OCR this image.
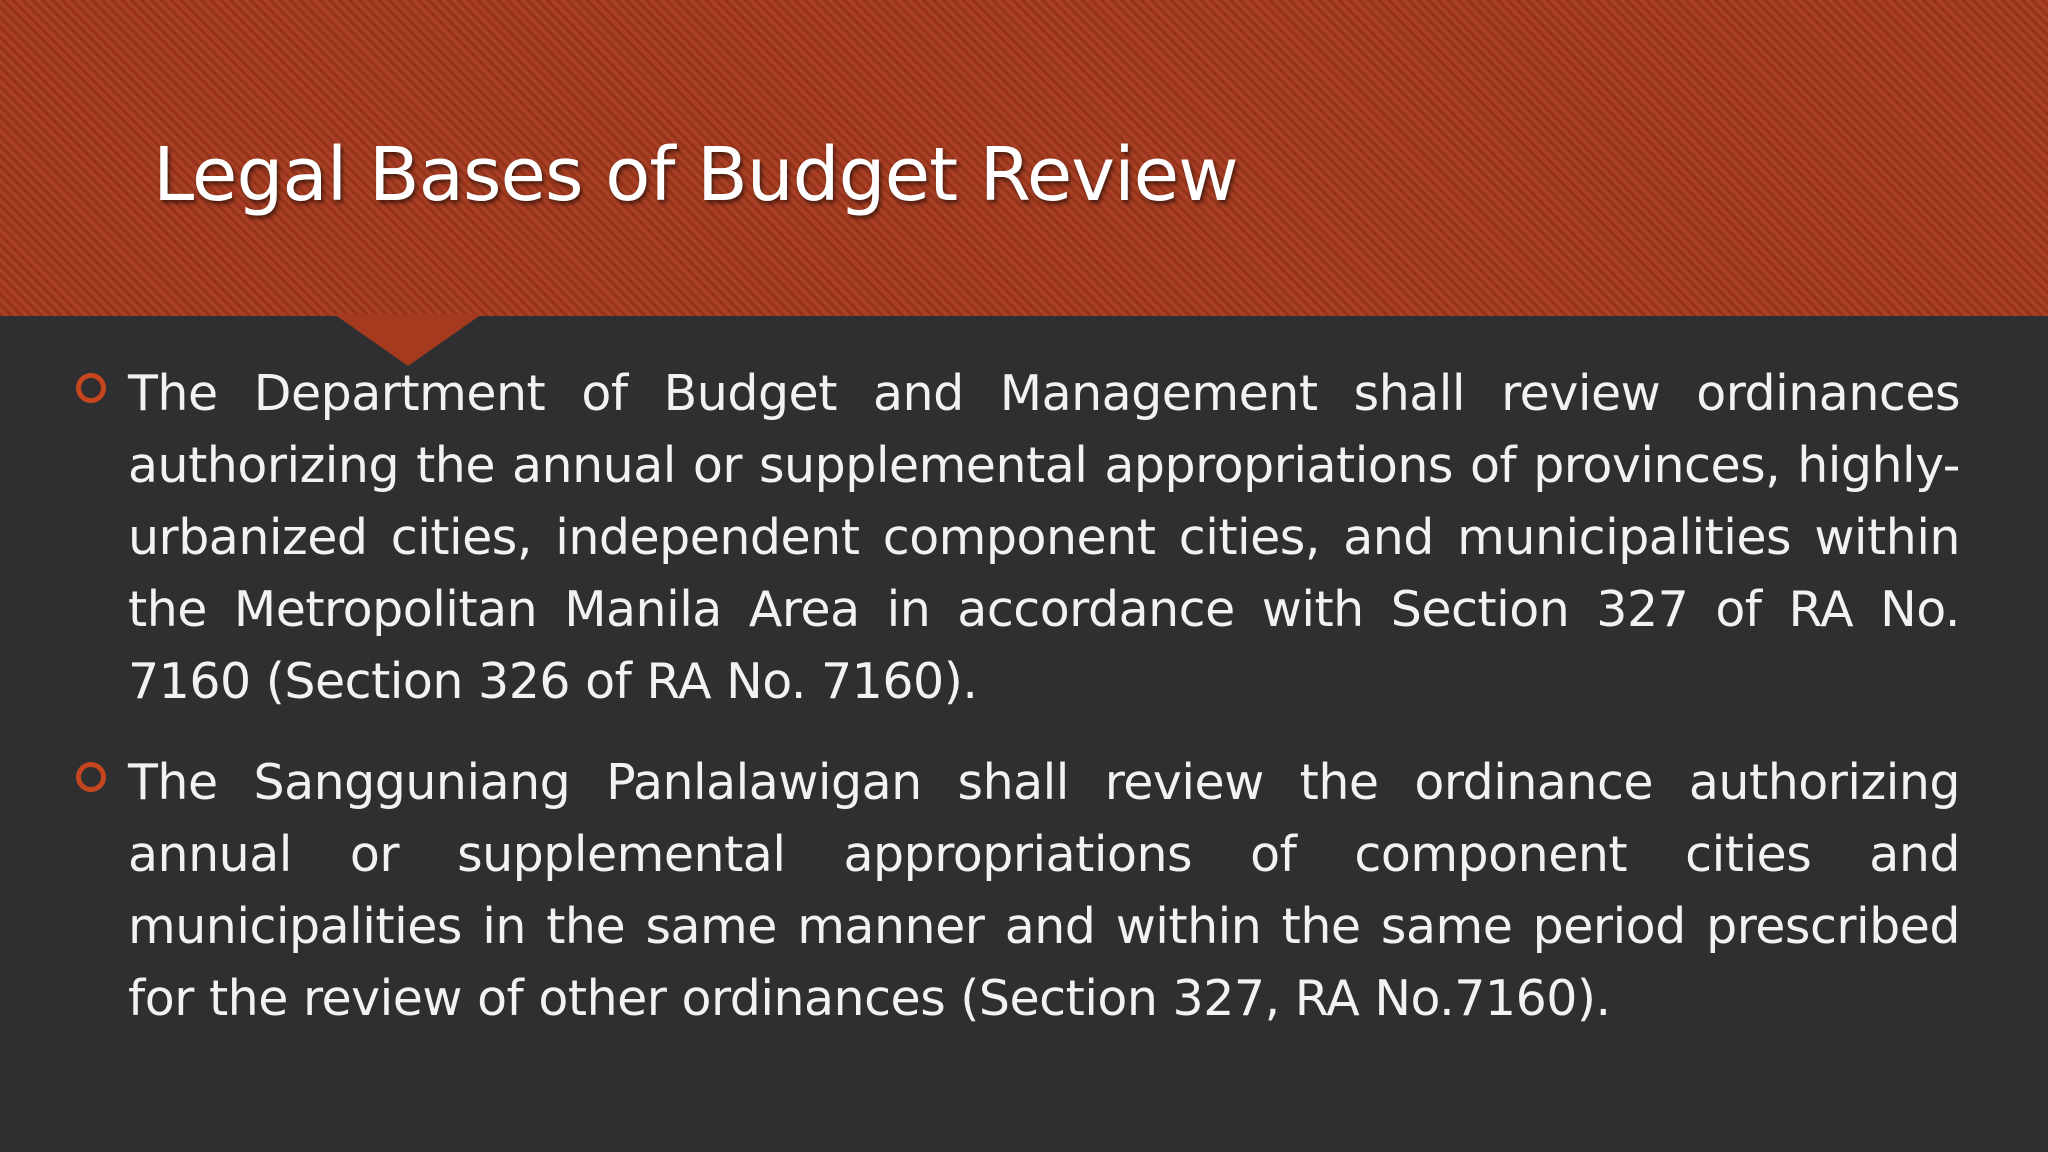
Legal Bases of Budget Review
The Department of Budget and Management shall review ordinances authorizing the annual or supplemental appropriations of provinces, highly-urbanized cities, independent component cities, and municipalities within the Metropolitan Manila Area in accordance with Section 327 of RA No. 7160 (Section 326 of RA No. 7160).
The Sangguniang Panlalawigan shall review the ordinance authorizing annual or supplemental appropriations of component cities and municipalities in the same manner and within the same period prescribed for the review of other ordinances (Section 327, RA No.7160).
